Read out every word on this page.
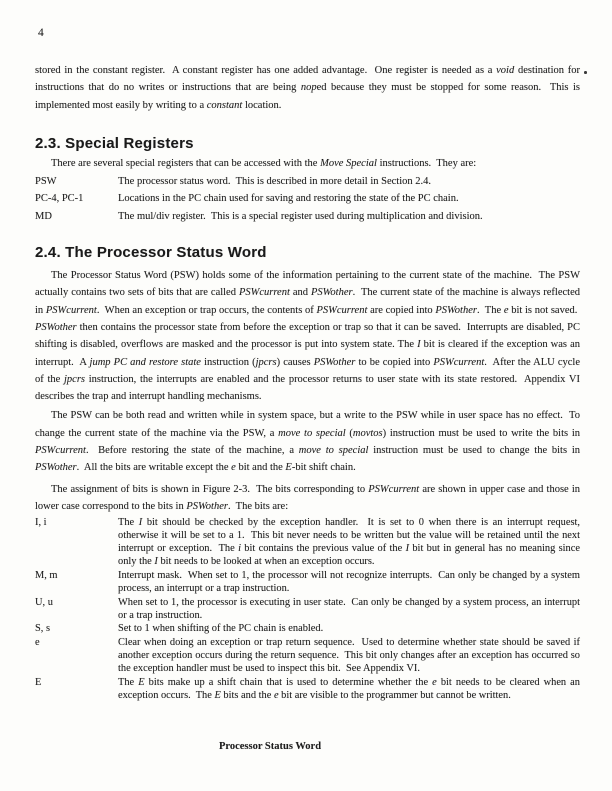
4

stored in the constant register.  A constant register has one added advantage.  One register is needed as a void destination for instructions that do no writes or instructions that are being noped because they must be stopped for some reason.  This is implemented most easily by writing to a constant location.

2.3. Special Registers

There are several special registers that can be accessed with the Move Special instructions.  They are:

PSW	The processor status word.  This is described in more detail in Section 2.4.
PC-4, PC-1	Locations in the PC chain used for saving and restoring the state of the PC chain.
MD	The mul/div register.  This is a special register used during multiplication and division.
2.4. The Processor Status Word

The Processor Status Word (PSW) holds some of the information pertaining to the current state of the machine.  The PSW actually contains two sets of bits that are called PSWcurrent and PSWother.  The current state of the machine is always reflected in PSWcurrent.  When an exception or trap occurs, the contents of PSWcurrent are copied into PSWother.  The e bit is not saved.  PSWother then contains the processor state from before the exception or trap so that it can be saved.  Interrupts are disabled, PC shifting is disabled, overflows are masked and the processor is put into system state. The I bit is cleared if the exception was an interrupt.  A jump PC and restore state instruction (jpcrs) causes PSWother to be copied into PSWcurrent.  After the ALU cycle of the jpcrs instruction, the interrupts are enabled and the processor returns to user state with its state restored.  Appendix VI describes the trap and interrupt handling mechanisms.

The PSW can be both read and written while in system space, but a write to the PSW while in user space has no effect.  To change the current state of the machine via the PSW, a move to special (movtos) instruction must be used to write the bits in PSWcurrent.  Before restoring the state of the machine, a move to special instruction must be used to change the bits in PSWother.  All the bits are writable except the e bit and the E-bit shift chain.

The assignment of bits is shown in Figure 2-3.  The bits corresponding to PSWcurrent are shown in upper case and those in lower case correspond to the bits in PSWother.  The bits are:

I, i	The I bit should be checked by the exception handler.  It is set to 0 when there is an interrupt request, otherwise it will be set to a 1.  This bit never needs to be written but the value will be retained until the next interrupt or exception.  The i bit contains the previous value of the I bit but in general has no meaning since only the I bit needs to be looked at when an exception occurs.
M, m	Interrupt mask.  When set to 1, the processor will not recognize interrupts.  Can only be changed by a system process, an interrupt or a trap instruction.
U, u	When set to 1, the processor is executing in user state.  Can only be changed by a system process, an interrupt or a trap instruction.
S, s	Set to 1 when shifting of the PC chain is enabled.
e	Clear when doing an exception or trap return sequence.  Used to determine whether state should be saved if another exception occurs during the return sequence.  This bit only changes after an exception has occurred so the exception handler must be used to inspect this bit.  See Appendix VI.
E	The E bits make up a shift chain that is used to determine whether the e bit needs to be cleared when an exception occurs.  The E bits and the e bit are visible to the programmer but cannot be written.
Processor Status Word
